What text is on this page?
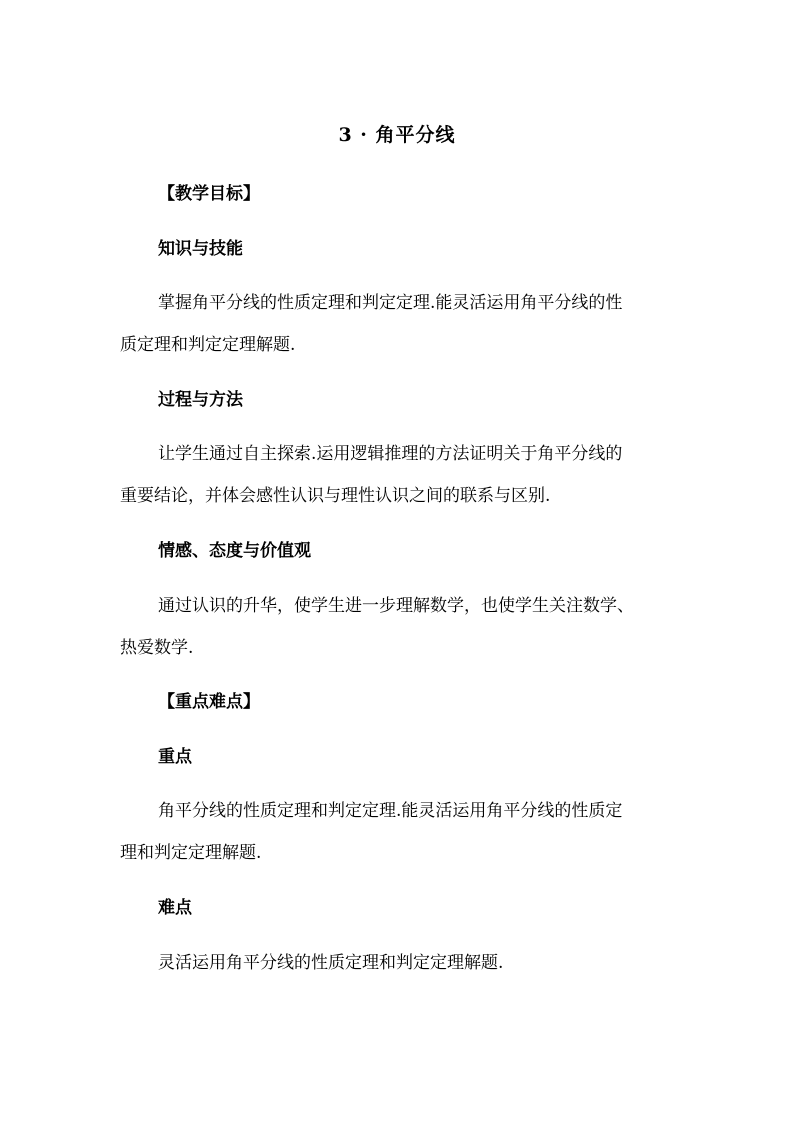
3 · 角平分线
【教学目标】
知识与技能
掌握角平分线的性质定理和判定定理.能灵活运用角平分线的性
质定理和判定定理解题.
过程与方法
让学生通过自主探索.运用逻辑推理的方法证明关于角平分线的
重要结论，并体会感性认识与理性认识之间的联系与区别.
情感、态度与价值观
通过认识的升华，使学生进一步理解数学，也使学生关注数学、
热爱数学.
【重点难点】
重点
角平分线的性质定理和判定定理.能灵活运用角平分线的性质定
理和判定定理解题.
难点
灵活运用角平分线的性质定理和判定定理解题.
